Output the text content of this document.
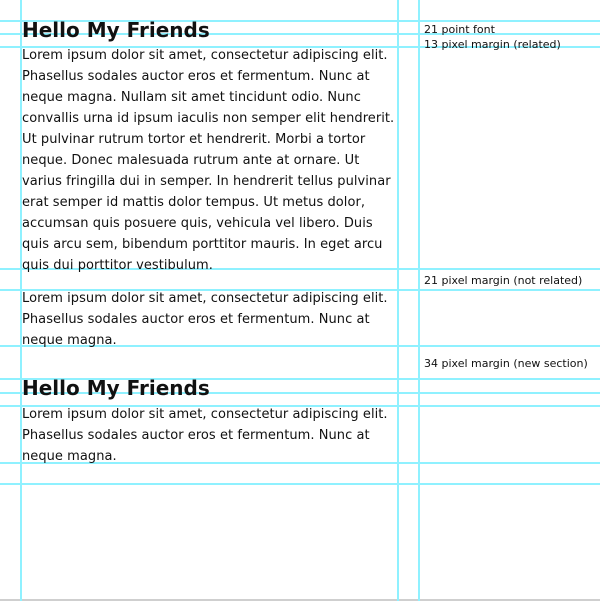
Hello My Friends
Lorem ipsum dolor sit amet, consectetur adipiscing elit. Phasellus sodales auctor eros et fermentum. Nunc at neque magna. Nullam sit amet tincidunt odio. Nunc convallis urna id ipsum iaculis non semper elit hendrerit. Ut pulvinar rutrum tortor et hendrerit. Morbi a tortor neque. Donec malesuada rutrum ante at ornare. Ut varius fringilla dui in semper. In hendrerit tellus pulvinar erat semper id mattis dolor tempus. Ut metus dolor, accumsan quis posuere quis, vehicula vel libero. Duis quis arcu sem, bibendum porttitor mauris. In eget arcu quis dui porttitor vestibulum.
Lorem ipsum dolor sit amet, consectetur adipiscing elit. Phasellus sodales auctor eros et fermentum. Nunc at neque magna.
Hello My Friends
Lorem ipsum dolor sit amet, consectetur adipiscing elit. Phasellus sodales auctor eros et fermentum. Nunc at neque magna.
21 point font
13 pixel margin (related)
21 pixel margin (not related)
34 pixel margin (new section)
